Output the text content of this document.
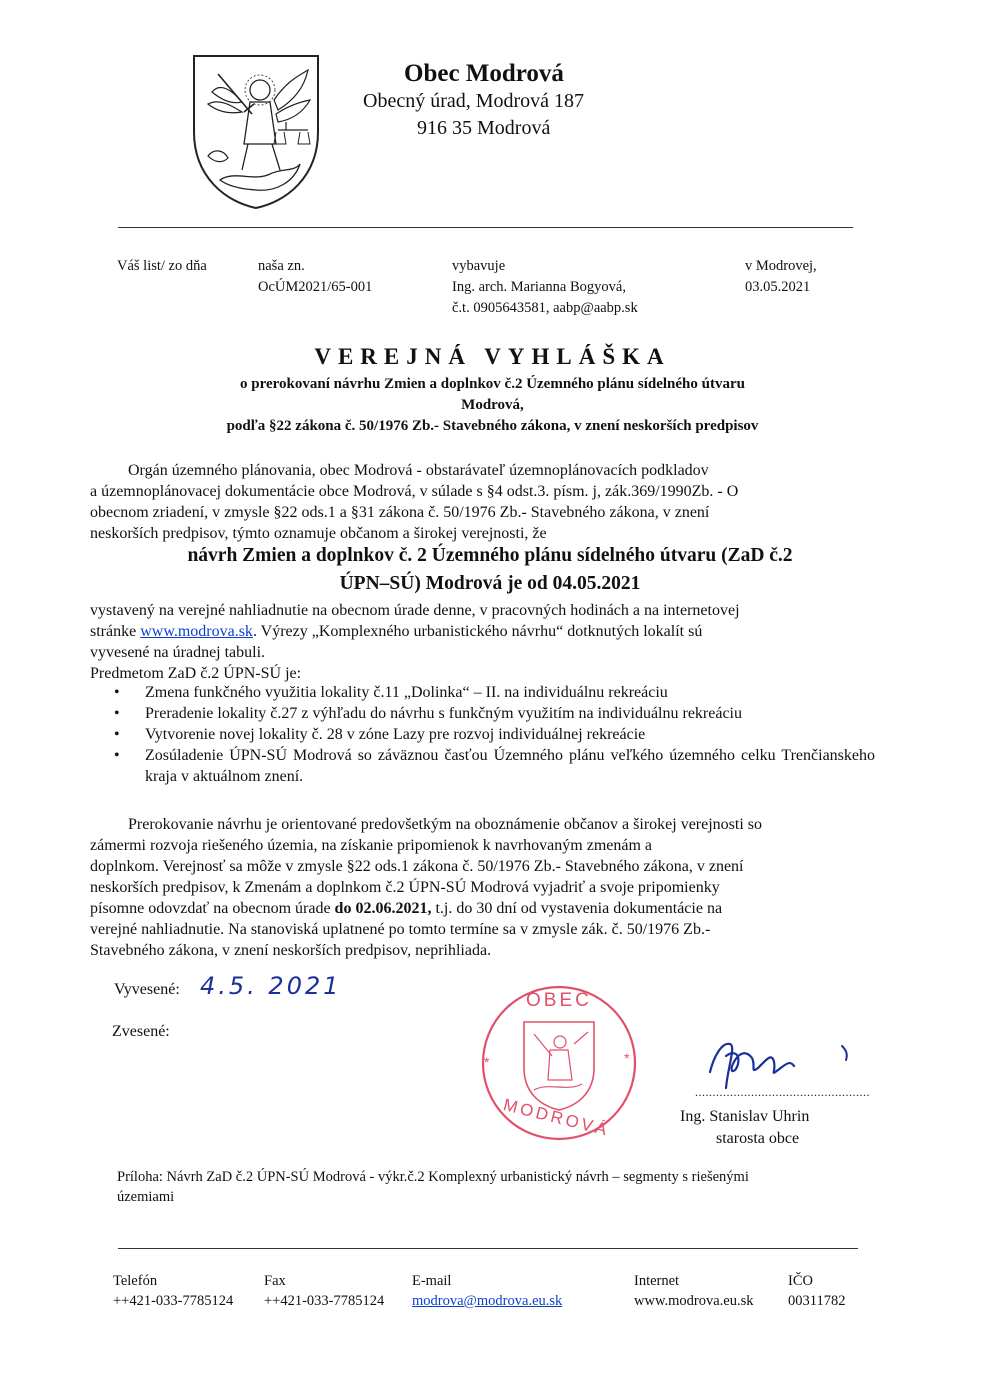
Obec Modrová
Obecný úrad, Modrová 187
916 35 Modrová
Váš list/ zo dňa	naša zn.
OcÚM2021/65-001
vybavuje
Ing. arch. Marianna Bogyová,
č.t. 0905643581, aabp@aabp.sk
v Modrovej,
03.05.2021
VEREJNÁ VYHLÁŠKA
o prerokovaní návrhu Zmien a doplnkov č.2 Územného plánu sídelného útvaru
Modrová,
podľa §22 zákona č. 50/1976 Zb.- Stavebného zákona, v znení neskorších predpisov
Orgán územného plánovania, obec Modrová - obstarávateľ územnoplánovacích podkladov
a územnoplánovacej dokumentácie obce Modrová, v súlade s §4 odst.3. písm. j, zák.369/1990Zb. - O
obecnom zriadení, v zmysle §22 ods.1 a §31 zákona č. 50/1976 Zb.- Stavebného zákona, v znení
neskorších predpisov, týmto oznamuje občanom a širokej verejnosti, že
návrh Zmien a doplnkov č. 2 Územného plánu sídelného útvaru (ZaD č.2
ÚPN–SÚ) Modrová je od 04.05.2021
vystavený na verejné nahliadnutie na obecnom úrade denne, v pracovných hodinách a na internetovej
stránke www.modrova.sk. Výrezy „Komplexného urbanistického návrhu“ dotknutých lokalít sú
vyvesené na úradnej tabuli.
Predmetom ZaD č.2 ÚPN-SÚ je:
• Zmena funkčného využitia lokality č.11 „Dolinka“ – II. na individuálnu rekreáciu
• Preradenie lokality č.27 z výhľadu do návrhu s funkčným využitím na individuálnu rekreáciu
• Vytvorenie novej lokality č. 28 v zóne Lazy pre rozvoj individuálnej rekreácie
• Zosúladenie ÚPN-SÚ Modrová so záväznou časťou Územného plánu veľkého územného celku Trenčianskeho kraja v aktuálnom znení.
Prerokovanie návrhu je orientované predovšetkým na oboznámenie občanov a širokej verejnosti so
zámermi rozvoja riešeného územia, na získanie pripomienok k navrhovaným zmenám a
doplnkom. Verejnosť sa môže v zmysle §22 ods.1 zákona č. 50/1976 Zb.- Stavebného zákona, v znení
neskorších predpisov, k Zmenám a doplnkom č.2 ÚPN-SÚ Modrová vyjadriť a svoje pripomienky
písomne odovzdať na obecnom úrade do 02.06.2021, t.j. do 30 dní od vystavenia dokumentácie na
verejné nahliadnutie. Na stanoviská uplatnené po tomto termíne sa v zmysle zák. č. 50/1976 Zb.-
Stavebného zákona, v znení neskorších predpisov, neprihliada.
Vyvesené: 4.5. 2021
Zvesené:
OBEC
MODROVÁ
*	*
..................................................
Ing. Stanislav Uhrin
starosta obce
Príloha: Návrh ZaD č.2 ÚPN-SÚ Modrová - výkr.č.2 Komplexný urbanistický návrh – segmenty s riešenými
územiami
Telefón
++421-033-7785124
Fax
++421-033-7785124
E-mail
modrova@modrova.eu.sk
Internet
www.modrova.eu.sk
IČO
00311782
